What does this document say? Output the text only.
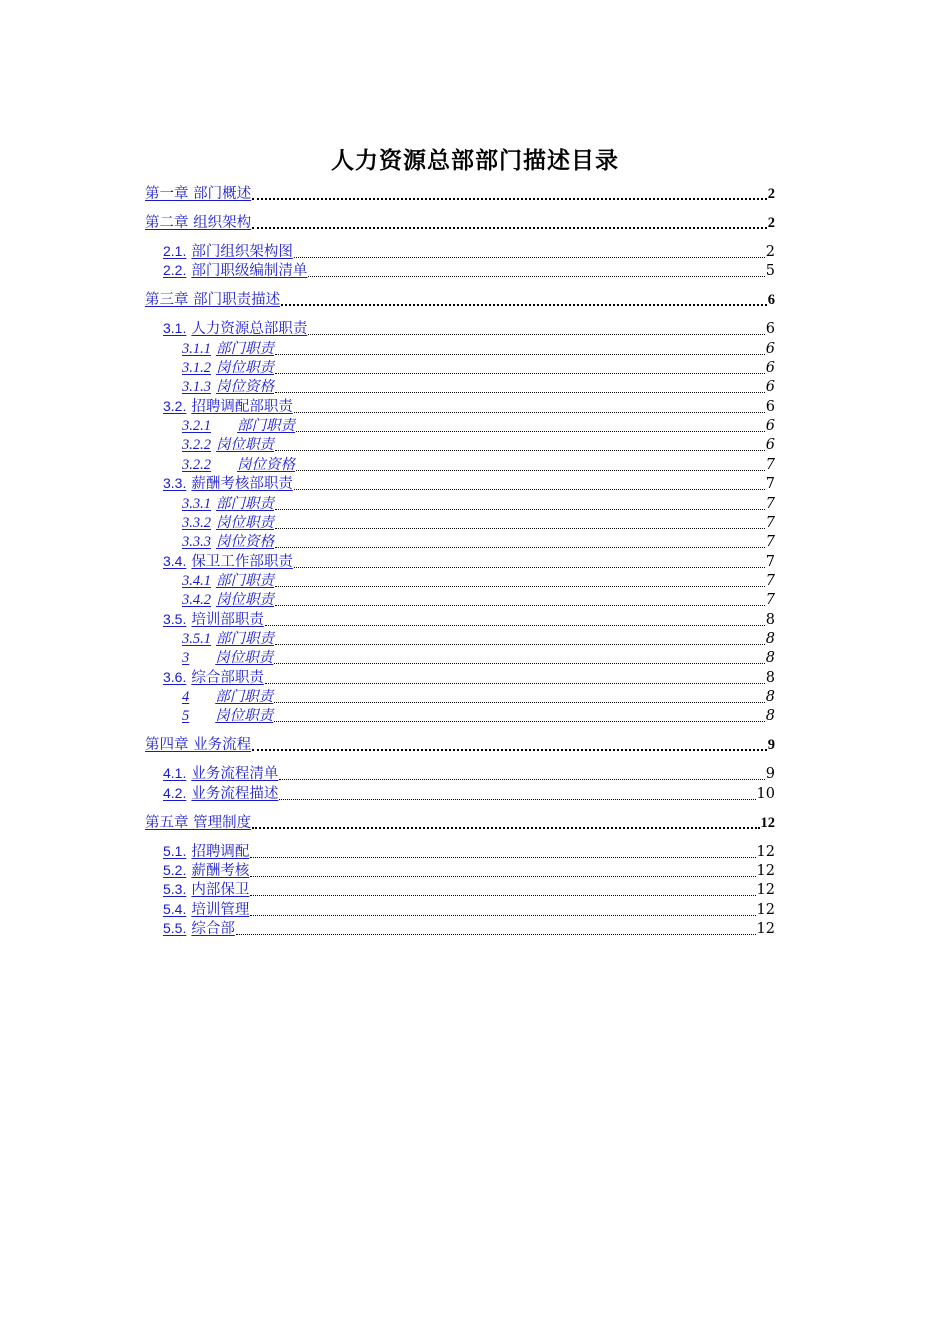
人力资源总部部门描述目录
第一章 部门概述	2
第二章 组织架构	2
2.1. 部门组织架构图	2
2.2. 部门职级编制清单	5
第三章 部门职责描述	6
3.1. 人力资源总部职责	6
3.1.1 部门职责	6
3.1.2 岗位职责	6
3.1.3 岗位资格	6
3.2. 招聘调配部职责	6
3.2.1 部门职责	6
3.2.2 岗位职责	6
3.2.2 岗位资格	7
3.3. 薪酬考核部职责	7
3.3.1 部门职责	7
3.3.2 岗位职责	7
3.3.3 岗位资格	7
3.4. 保卫工作部职责	7
3.4.1 部门职责	7
3.4.2 岗位职责	7
3.5. 培训部职责	8
3.5.1 部门职责	8
3 岗位职责	8
3.6. 综合部职责	8
4 部门职责	8
5 岗位职责	8
第四章 业务流程	9
4.1. 业务流程清单	9
4.2. 业务流程描述	10
第五章 管理制度	12
5.1. 招聘调配	12
5.2. 薪酬考核	12
5.3. 内部保卫	12
5.4. 培训管理	12
5.5. 综合部	12
